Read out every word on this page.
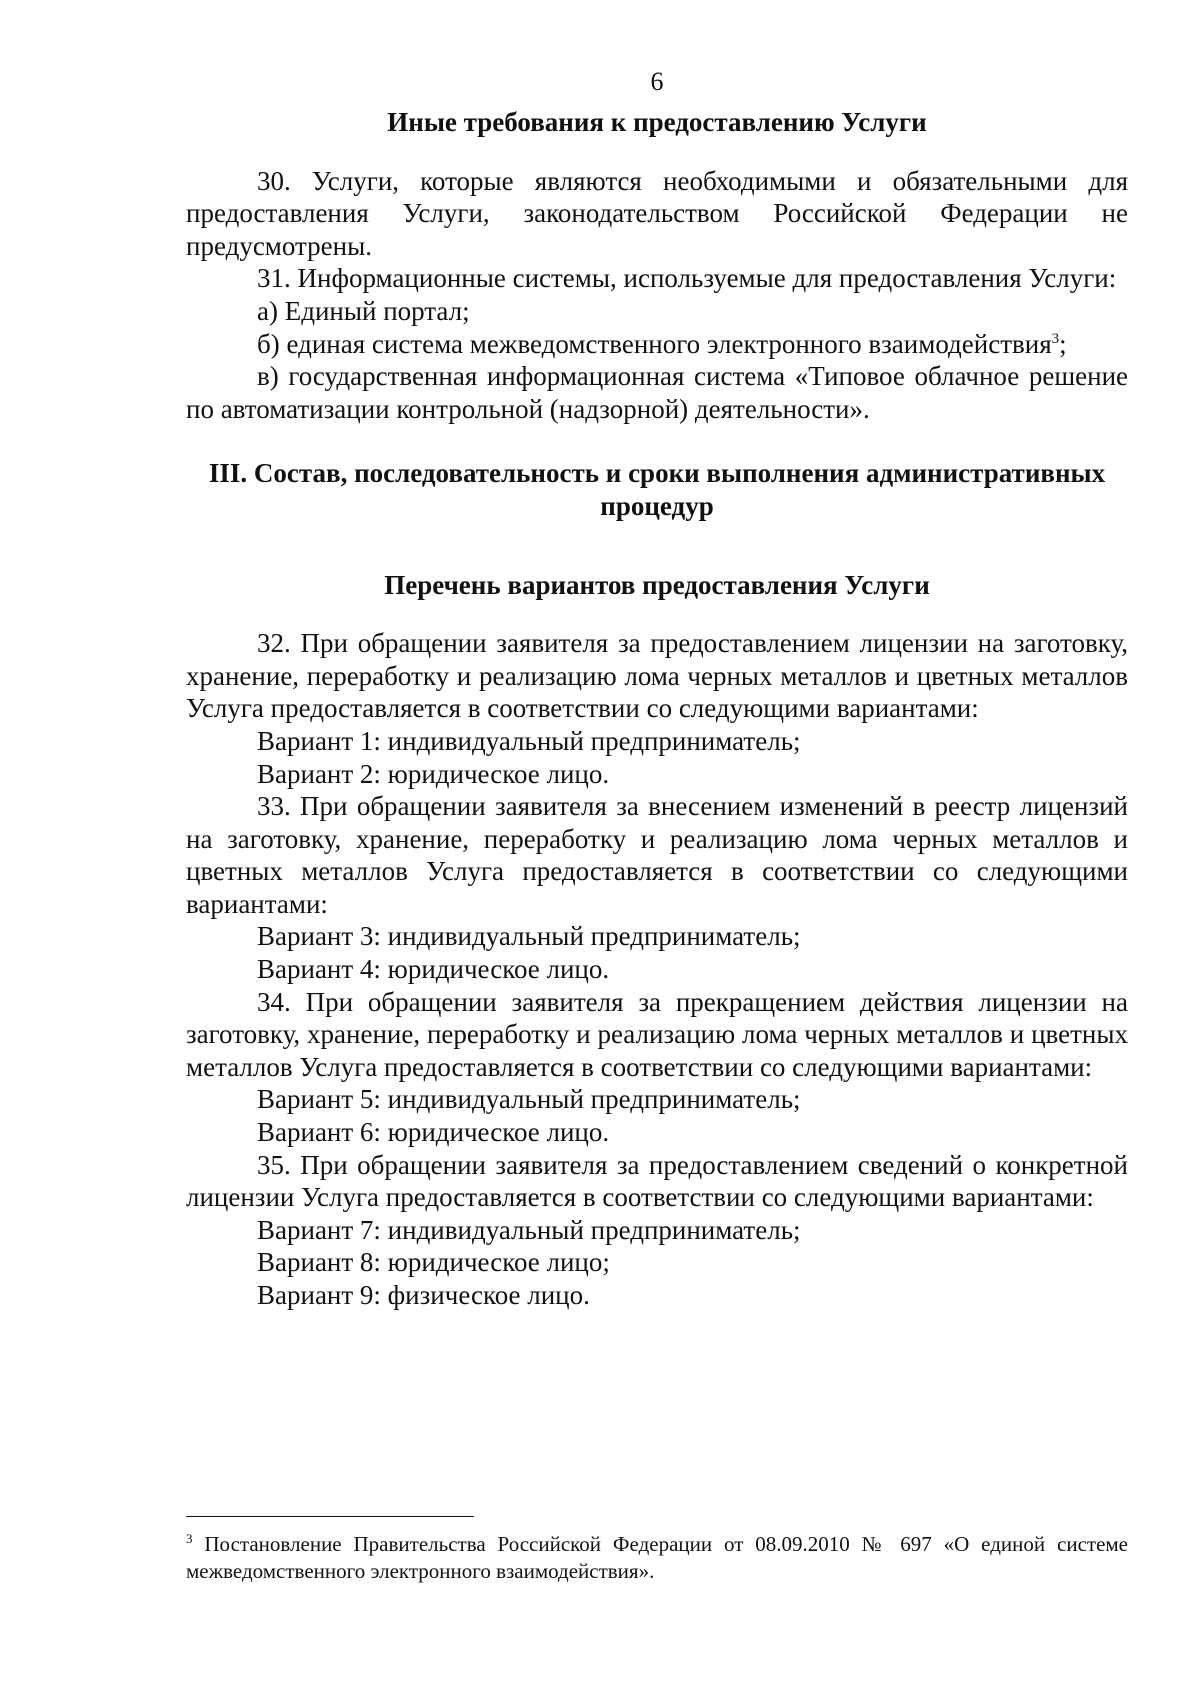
6
Иные требования к предоставлению Услуги

30. Услуги, которые являются необходимыми и обязательными для предоставления Услуги, законодательством Российской Федерации не предусмотрены.

31. Информационные системы, используемые для предоставления Услуги:

а) Единый портал;

б) единая система межведомственного электронного взаимодействия$^3$;

в) государственная информационная система «Типовое облачное решение по автоматизации контрольной (надзорной) деятельности».

III. Состав, последовательность и сроки выполнения административных процедур
Перечень вариантов предоставления Услуги

32. При обращении заявителя за предоставлением лицензии на заготовку, хранение, переработку и реализацию лома черных металлов и цветных металлов Услуга предоставляется в соответствии со следующими вариантами:

Вариант 1: индивидуальный предприниматель;

Вариант 2: юридическое лицо.

33. При обращении заявителя за внесением изменений в реестр лицензий на заготовку, хранение, переработку и реализацию лома черных металлов и цветных металлов Услуга предоставляется в соответствии со следующими вариантами:

Вариант 3: индивидуальный предприниматель;

Вариант 4: юридическое лицо.

34. При обращении заявителя за прекращением действия лицензии на заготовку, хранение, переработку и реализацию лома черных металлов и цветных металлов Услуга предоставляется в соответствии со следующими вариантами:

Вариант 5: индивидуальный предприниматель;

Вариант 6: юридическое лицо.

35. При обращении заявителя за предоставлением сведений о конкретной лицензии Услуга предоставляется в соответствии со следующими вариантами:

Вариант 7: индивидуальный предприниматель;

Вариант 8: юридическое лицо;

Вариант 9: физическое лицо.

$^3$ Постановление Правительства Российской Федерации от 08.09.2010 № 697 «О единой системе межведомственного электронного взаимодействия».
